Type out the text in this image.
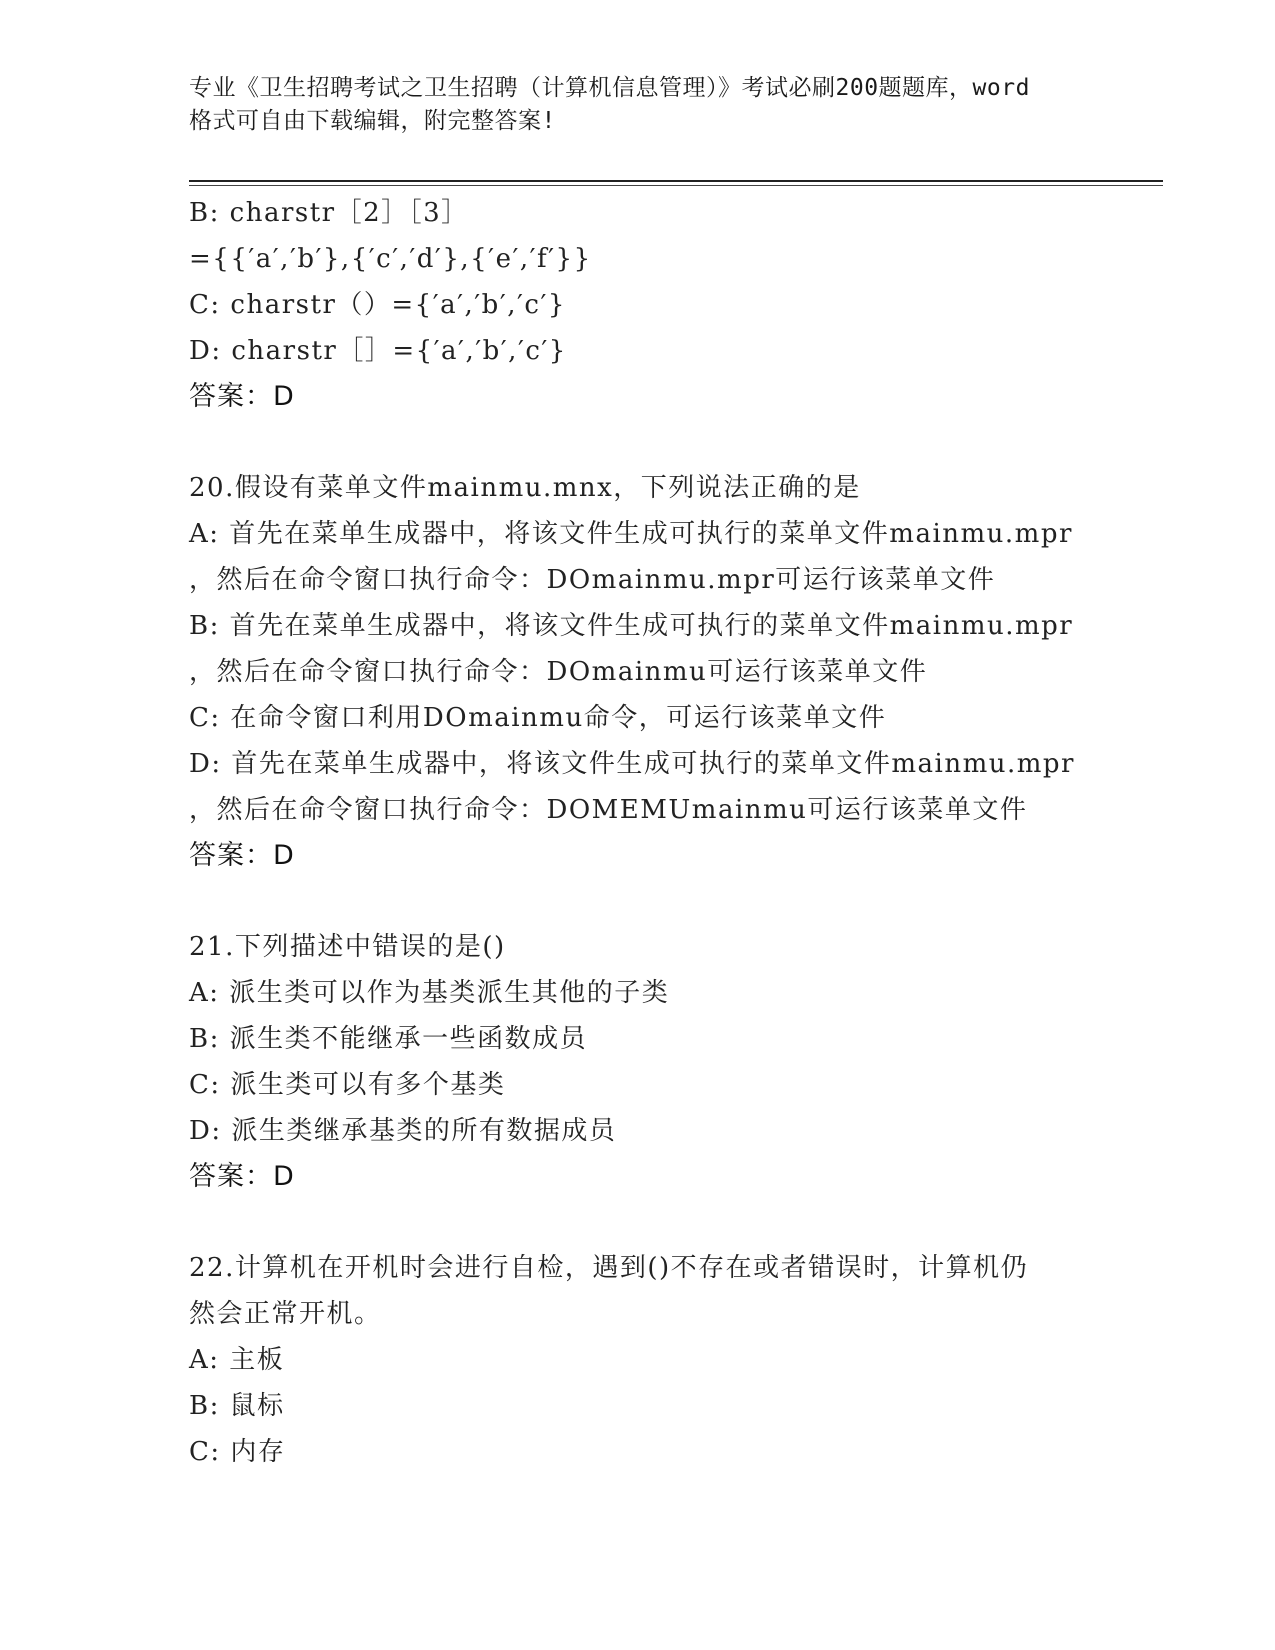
专业《卫生招聘考试之卫生招聘（计算机信息管理）》考试必刷200题题库，word
格式可自由下载编辑，附完整答案!
B: charstr［2］［3］
={{′a′,′b′},{′c′,′d′},{′e′,′f′}}
C: charstr（）={′a′,′b′,′c′}
D: charstr［］={′a′,′b′,′c′}
答案：D
20.假设有菜单文件mainmu.mnx，下列说法正确的是
A: 首先在菜单生成器中，将该文件生成可执行的菜单文件mainmu.mpr
，然后在命令窗口执行命令：DOmainmu.mpr可运行该菜单文件
B: 首先在菜单生成器中，将该文件生成可执行的菜单文件mainmu.mpr
，然后在命令窗口执行命令：DOmainmu可运行该菜单文件
C: 在命令窗口利用DOmainmu命令，可运行该菜单文件
D: 首先在菜单生成器中，将该文件生成可执行的菜单文件mainmu.mpr
，然后在命令窗口执行命令：DOMEMUmainmu可运行该菜单文件
答案：D
21.下列描述中错误的是()
A: 派生类可以作为基类派生其他的子类
B: 派生类不能继承一些函数成员
C: 派生类可以有多个基类
D: 派生类继承基类的所有数据成员
答案：D
22.计算机在开机时会进行自检，遇到()不存在或者错误时，计算机仍
然会正常开机。
A: 主板
B: 鼠标
C: 内存
